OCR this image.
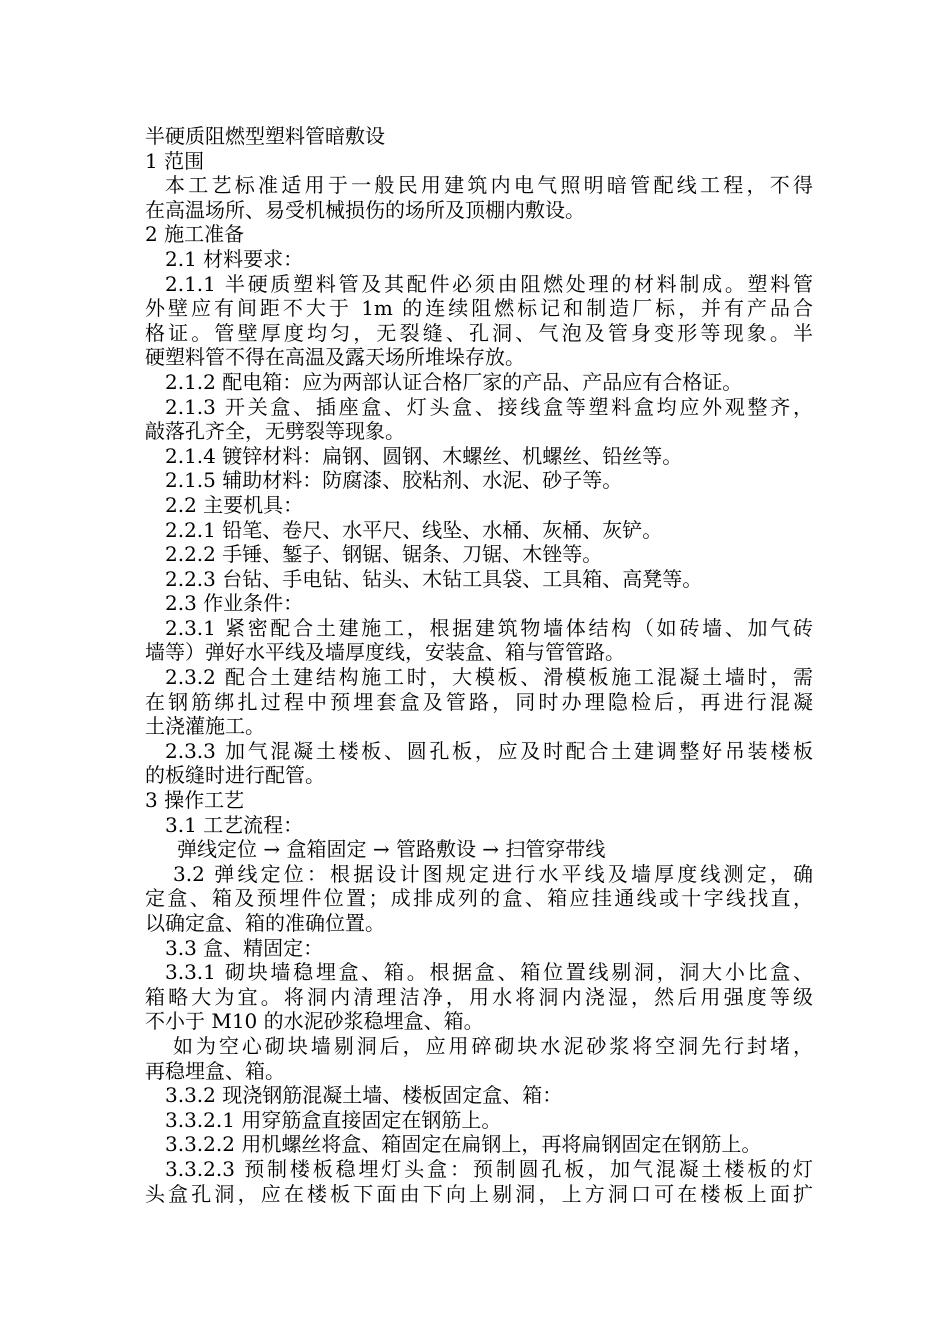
半硬质阻燃型塑料管暗敷设
1 范围
本工艺标准适用于一般民用建筑内电气照明暗管配线工程，不得
在高温场所、易受机械损伤的场所及顶棚内敷设。
2 施工准备
2.1 材料要求：
2.1.1 半硬质塑料管及其配件必须由阻燃处理的材料制成。塑料管
外壁应有间距不大于 1m 的连续阻燃标记和制造厂标，并有产品合
格证。管壁厚度均匀，无裂缝、孔洞、气泡及管身变形等现象。半
硬塑料管不得在高温及露天场所堆垛存放。
2.1.2 配电箱：应为两部认证合格厂家的产品、产品应有合格证。
2.1.3 开关盒、插座盒、灯头盒、接线盒等塑料盒均应外观整齐，
敲落孔齐全，无劈裂等现象。
2.1.4 镀锌材料：扁钢、圆钢、木螺丝、机螺丝、铅丝等。
2.1.5 辅助材料：防腐漆、胶粘剂、水泥、砂子等。
2.2 主要机具：
2.2.1 铅笔、卷尺、水平尺、线坠、水桶、灰桶、灰铲。
2.2.2 手锤、錾子、钢锯、锯条、刀锯、木锉等。
2.2.3 台钻、手电钻、钻头、木钻工具袋、工具箱、高凳等。
2.3 作业条件：
2.3.1 紧密配合土建施工，根据建筑物墙体结构（如砖墙、加气砖
墙等）弹好水平线及墙厚度线，安装盒、箱与管管路。
2.3.2 配合土建结构施工时，大模板、滑模板施工混凝土墙时，需
在钢筋绑扎过程中预埋套盒及管路，同时办理隐检后，再进行混凝
土浇灌施工。
2.3.3 加气混凝土楼板、圆孔板，应及时配合土建调整好吊装楼板
的板缝时进行配管。
3 操作工艺
3.1 工艺流程：
弹线定位 → 盒箱固定 → 管路敷设 → 扫管穿带线
3.2 弹线定位：根据设计图规定进行水平线及墙厚度线测定，确
定盒、箱及预埋件位置；成排成列的盒、箱应挂通线或十字线找直，
以确定盒、箱的准确位置。
3.3 盒、精固定：
3.3.1 砌块墙稳埋盒、箱。根据盒、箱位置线剔洞，洞大小比盒、
箱略大为宜。将洞内清理洁净，用水将洞内浇湿，然后用强度等级
不小于 M10 的水泥砂浆稳埋盒、箱。
如为空心砌块墙剔洞后，应用碎砌块水泥砂浆将空洞先行封堵，
再稳埋盒、箱。
3.3.2 现浇钢筋混凝土墙、楼板固定盒、箱：
3.3.2.1 用穿筋盒直接固定在钢筋上。
3.3.2.2 用机螺丝将盒、箱固定在扁钢上，再将扁钢固定在钢筋上。
3.3.2.3 预制楼板稳埋灯头盒：预制圆孔板，加气混凝土楼板的灯
头盒孔洞，应在楼板下面由下向上剔洞，上方洞口可在楼板上面扩
